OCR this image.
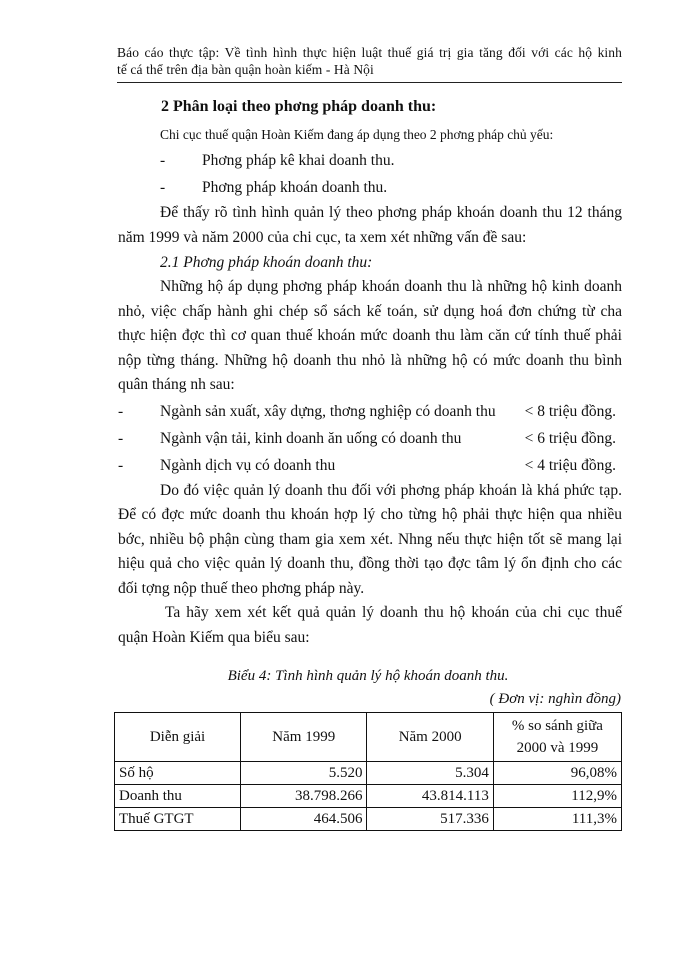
Báo cáo thực tập: Về tình hình thực hiện luật thuế giá trị gia tăng đối với các hộ kinh
tế cá thể trên địa bàn quận hoàn kiếm - Hà Nội
2 Phân loại theo phơng pháp doanh thu:
Chi cục thuế quận Hoàn Kiếm đang áp dụng theo 2 phơng pháp chủ yếu:
- Phơng pháp kê khai doanh thu.
- Phơng pháp khoán doanh thu.

Để thấy rõ tình hình quản lý theo phơng pháp khoán doanh thu 12 tháng năm 1999 và năm 2000 của chi cục, ta xem xét những vấn đề sau:

2.1 Phơng pháp khoán doanh thu:

Những hộ áp dụng phơng pháp khoán doanh thu là những hộ kinh doanh nhỏ, việc chấp hành ghi chép sổ sách kế toán, sử dụng hoá đơn chứng từ cha thực hiện đợc thì cơ quan thuế khoán mức doanh thu làm căn cứ tính thuế phải nộp từng tháng. Những hộ doanh thu nhỏ là những hộ có mức doanh thu bình quân tháng nh sau:

- Ngành sản xuất, xây dựng, thơng nghiệp có doanh thu < 8 triệu đồng.
- Ngành vận tải, kinh doanh ăn uống có doanh thu	< 6 triệu đồng.
- Ngành dịch vụ có doanh thu	< 4 triệu đồng.

Do đó việc quản lý doanh thu đối với phơng pháp khoán là khá phức tạp. Để có đợc mức doanh thu khoán hợp lý cho từng hộ phải thực hiện qua nhiều bớc, nhiều bộ phận cùng tham gia xem xét. Nhng nếu thực hiện tốt sẽ mang lại hiệu quả cho việc quản lý doanh thu, đồng thời tạo đợc tâm lý ổn định cho các đối tợng nộp thuế theo phơng pháp này.

Ta hãy xem xét kết quả quản lý doanh thu hộ khoán của chi cục thuế quận Hoàn Kiếm qua biểu sau:

Biểu 4: Tình hình quản lý hộ khoán doanh thu.
( Đơn vị: nghìn đồng)
Diễn giải	Năm 1999	Năm 2000	% so sánh giữa
2000 và 1999

Số hộ	5.520	5.304	96,08%
Doanh thu	38.798.266	43.814.113	112,9%
Thuế GTGT	464.506	517.336	111,3%
